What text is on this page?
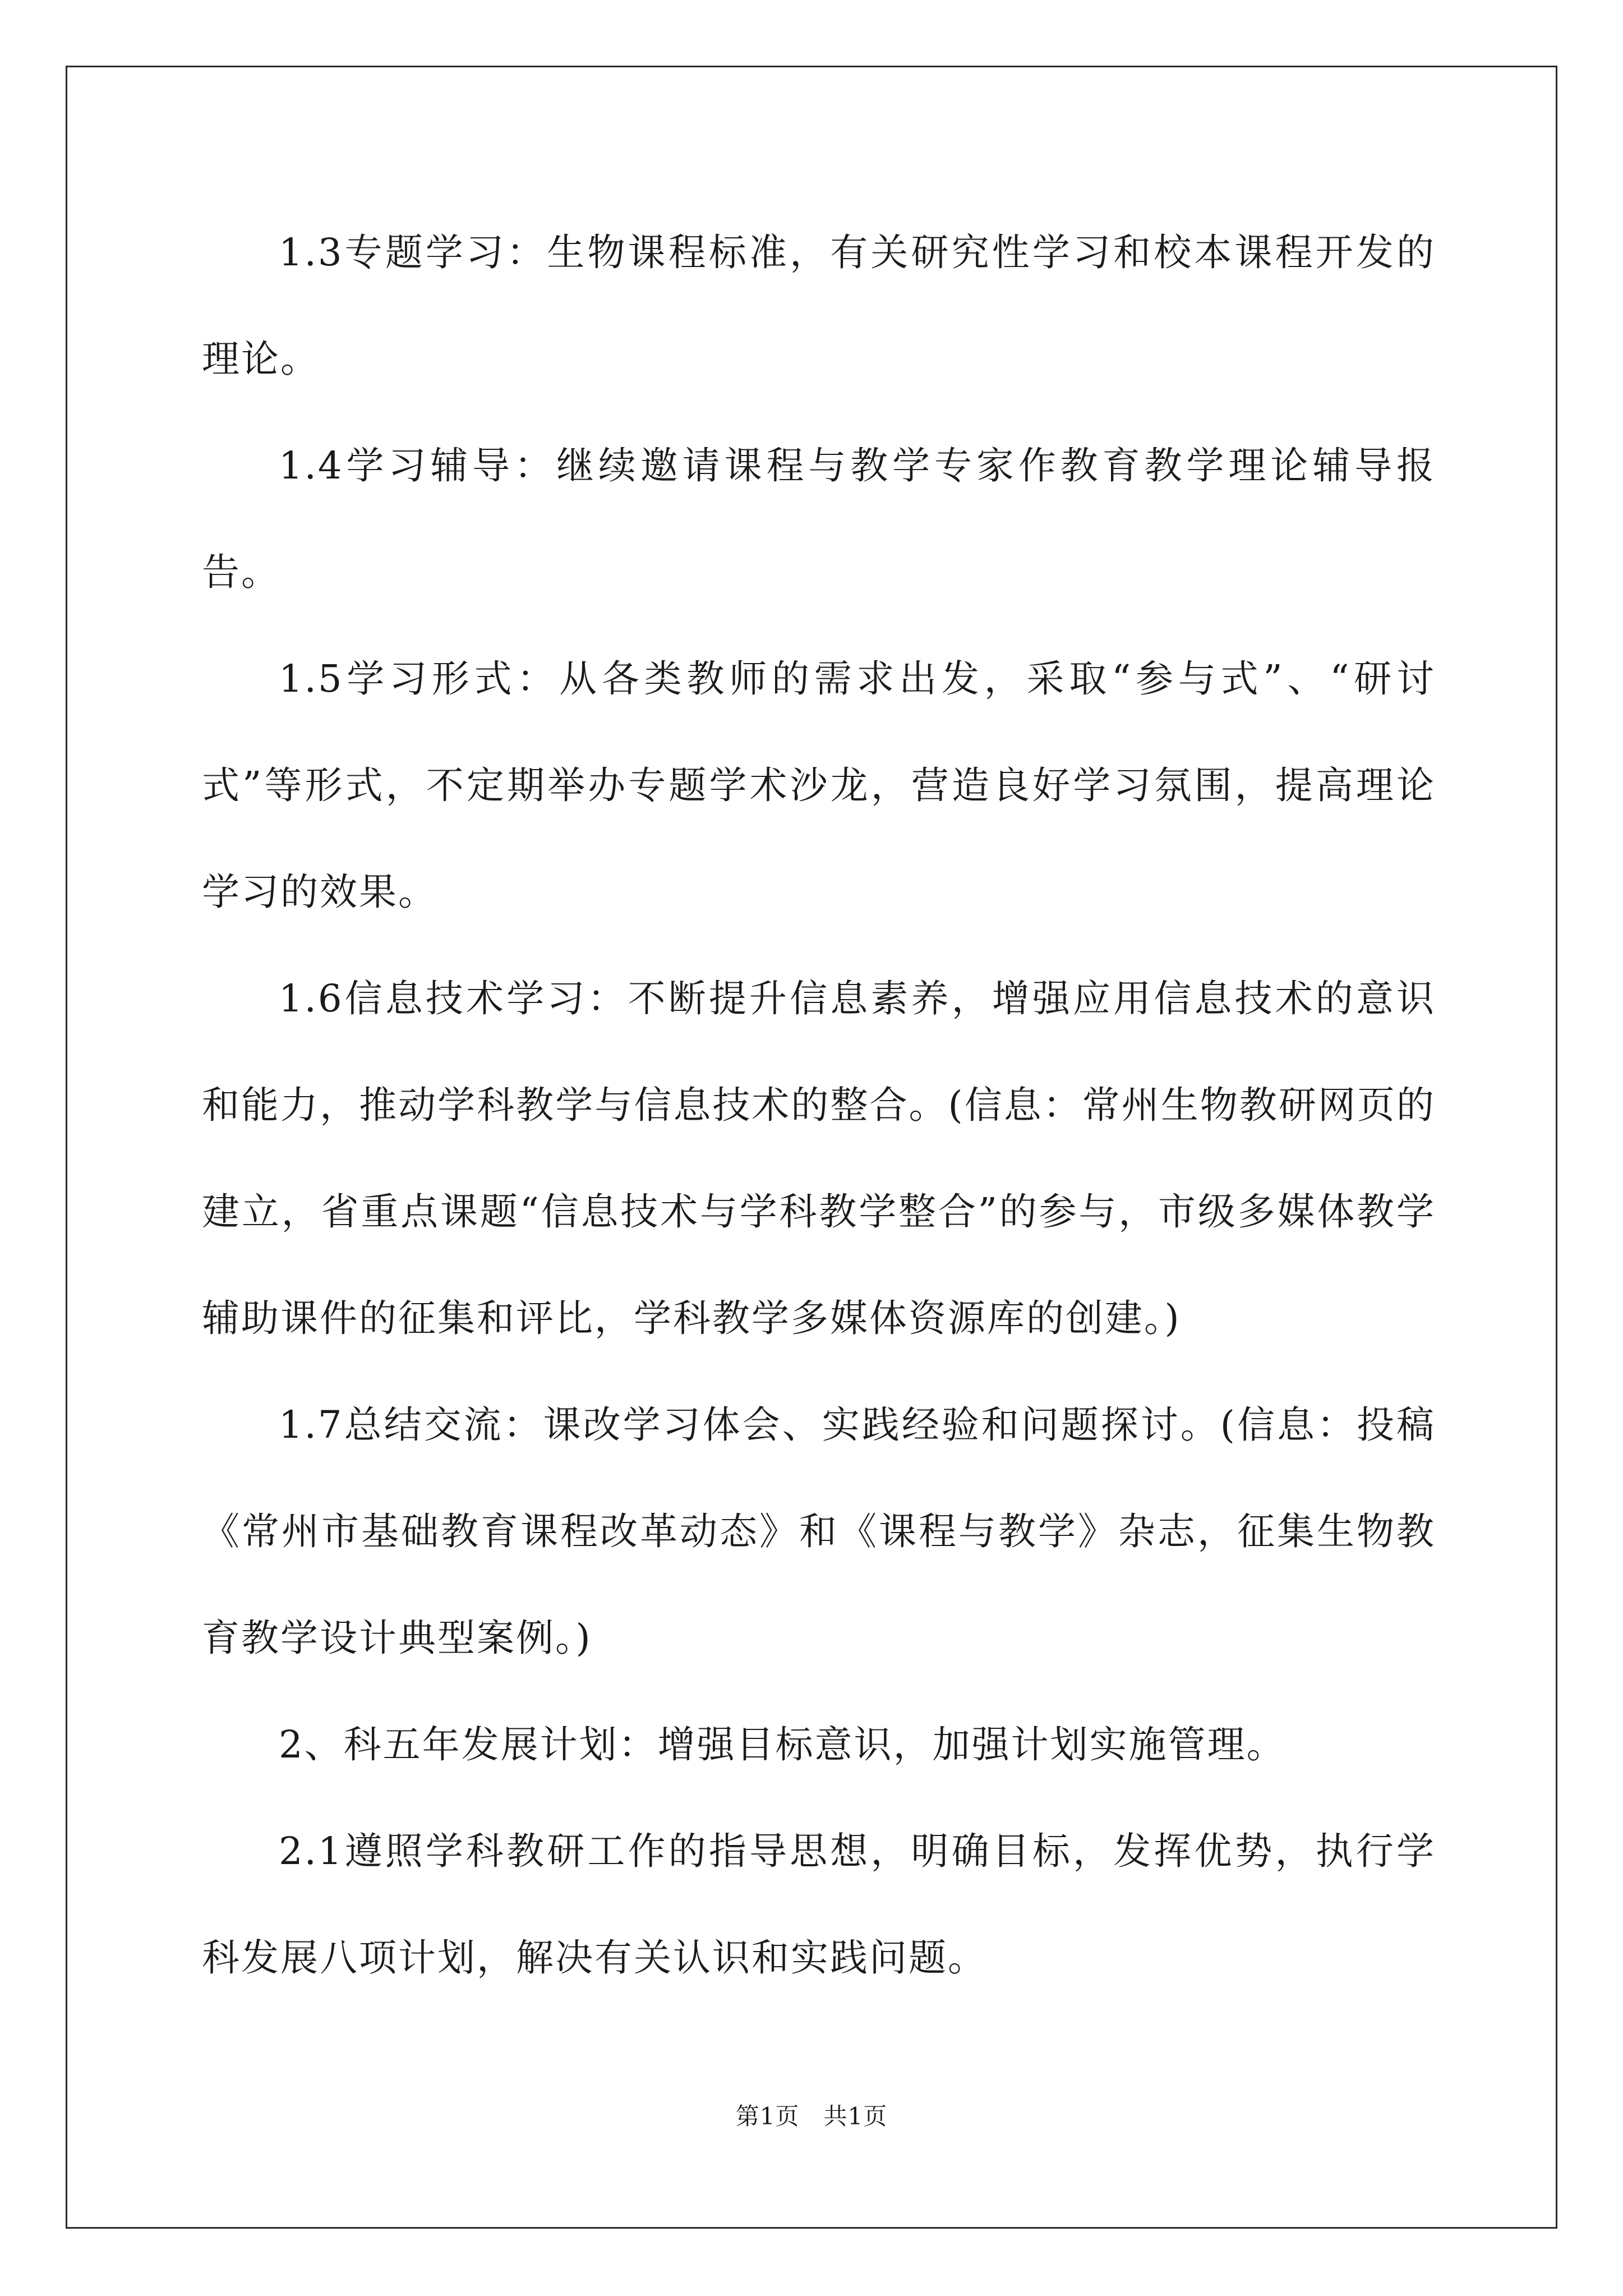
1.3专题学习：生物课程标准，有关研究性学习和校本课程开发的理论。

1.4学习辅导：继续邀请课程与教学专家作教育教学理论辅导报告。

1.5学习形式：从各类教师的需求出发，采取“参与式”、“研讨式”等形式，不定期举办专题学术沙龙，营造良好学习氛围，提高理论学习的效果。

1.6信息技术学习：不断提升信息素养，增强应用信息技术的意识和能力，推动学科教学与信息技术的整合。(信息：常州生物教研网页的建立，省重点课题“信息技术与学科教学整合”的参与，市级多媒体教学辅助课件的征集和评比，学科教学多媒体资源库的创建。)

1.7总结交流：课改学习体会、实践经验和问题探讨。(信息：投稿《常州市基础教育课程改革动态》和《课程与教学》杂志，征集生物教育教学设计典型案例。)

2、科五年发展计划：增强目标意识，加强计划实施管理。

2.1遵照学科教研工作的指导思想，明确目标，发挥优势，执行学科发展八项计划，解决有关认识和实践问题。

第1页 共1页
